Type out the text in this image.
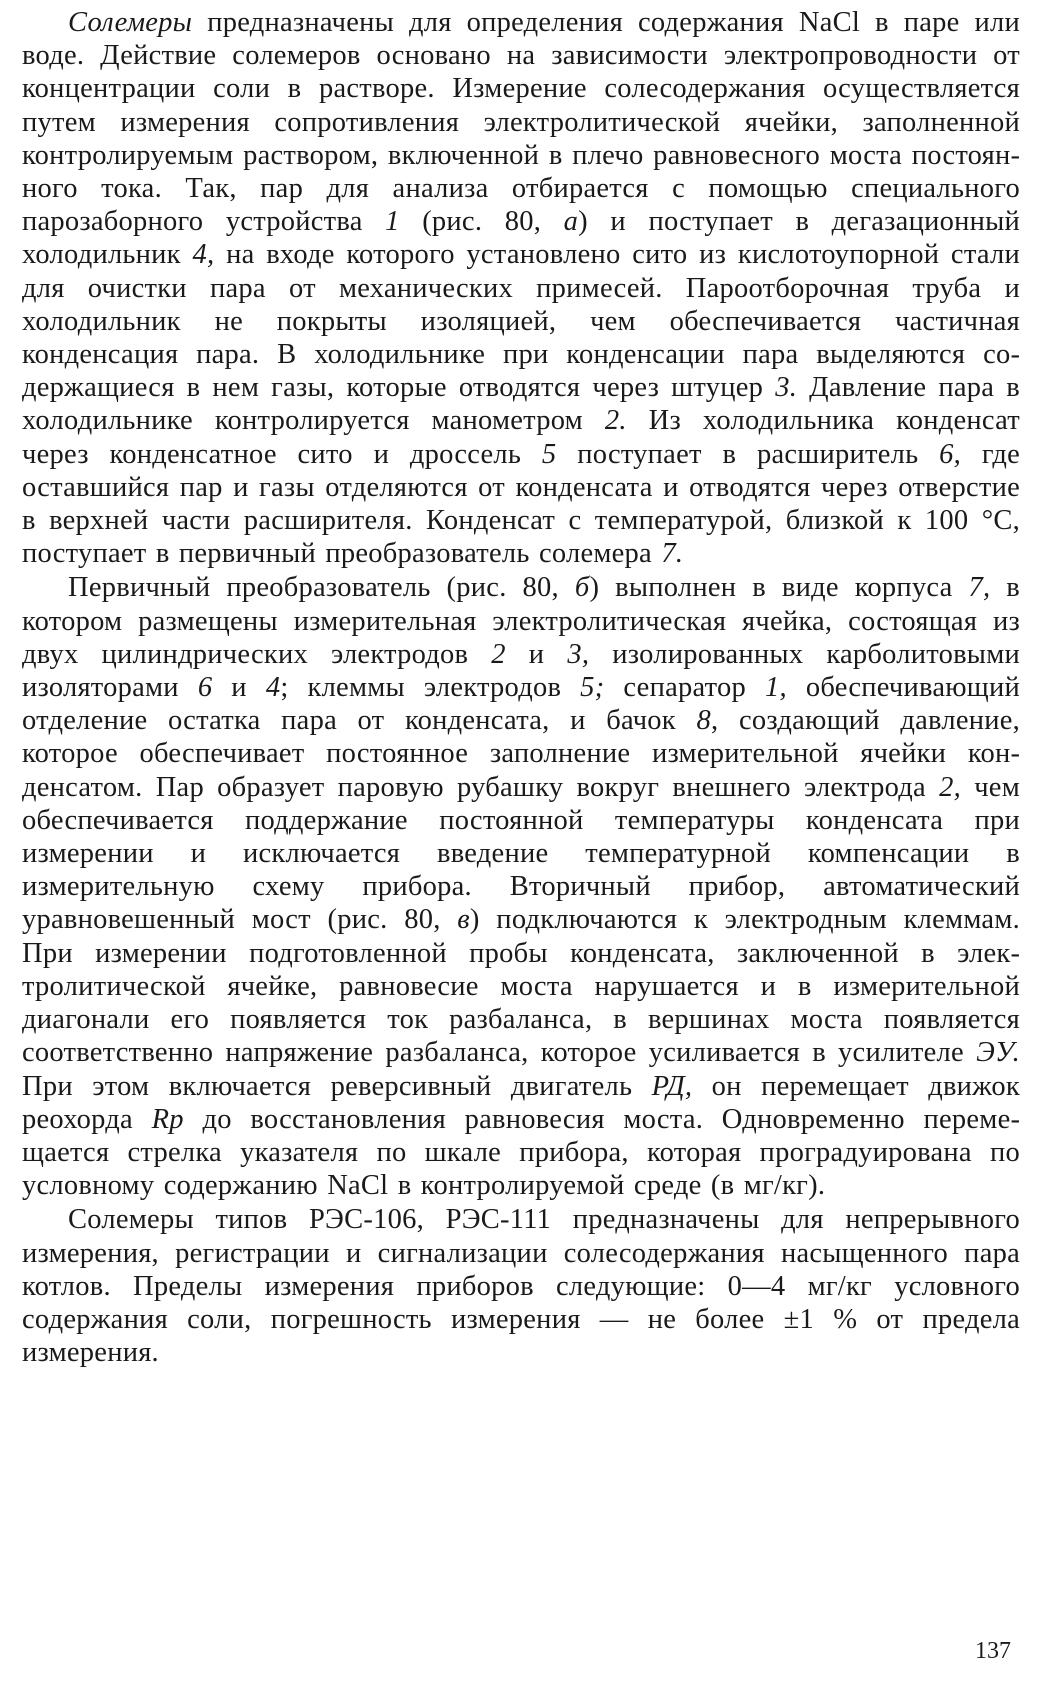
Солемеры предназначены для определения содержания NaCl в паре или воде. Действие солемеров основано на зависимости электропроводности от концентрации соли в растворе. Измерение солесодержания осуществляется путем измерения сопротивления электролитической ячейки, заполненной контролируемым раствором, включенной в плечо равновесного моста постоянного тока. Так, пар для анализа отбирается с помощью специального парозаборного устройства 1 (рис. 80, а) и поступает в дегазационный холодильник 4, на входе которого установлено сито из кислотоупорной стали для очистки пара от механических примесей. Пароотборочная труба и холодильник не покрыты изоляцией, чем обеспечивается частичная конденсация пара. В холодильнике при конденсации пара выделяются содержащиеся в нем газы, которые отводятся через штуцер 3. Давление пара в холодильнике контролируется манометром 2. Из холодильника конденсат через конденсатное сито и дроссель 5 поступает в расширитель 6, где оставшийся пар и газы отделяются от конденсата и отводятся через отверстие в верхней части расширителя. Конденсат с температурой, близкой к 100 °С, поступает в первичный преобразователь солемера 7.

Первичный преобразователь (рис. 80, б) выполнен в виде корпуса 7, в котором размещены измерительная электролитическая ячейка, состоящая из двух цилиндрических электродов 2 и 3, изолированных карболитовыми изоляторами 6 и 4; клеммы электродов 5; сепаратор 1, обеспечивающий отделение остатка пара от конденсата, и бачок 8, создающий давление, которое обеспечивает постоянное заполнение измерительной ячейки конденсатом. Пар образует паровую рубашку вокруг внешнего электрода 2, чем обеспечивается поддержание постоянной температуры конденсата при измерении и исключается введение температурной компенсации в измерительную схему прибора. Вторичный прибор, автоматический уравновешенный мост (рис. 80, в) подключаются к электродным клеммам. При измерении подготовленной пробы конденсата, заключенной в электролитической ячейке, равновесие моста нарушается и в измерительной диагонали его появляется ток разбаланса, в вершинах моста появляется соответственно напряжение разбаланса, которое усиливается в усилителе ЭУ. При этом включается реверсивный двигатель РД, он перемещает движок реохорда Rp до восстановления равновесия моста. Одновременно перемещается стрелка указателя по шкале прибора, которая проградуирована по условному содержанию NaCl в контролируемой среде (в мг/кг).

Солемеры типов РЭС-106, РЭС-111 предназначены для непрерывного измерения, регистрации и сигнализации солесодержания насыщенного пара котлов. Пределы измерения приборов следующие: 0—4 мг/кг условного содержания соли, погрешность измерения — не более ±1 % от предела измерения.

137
